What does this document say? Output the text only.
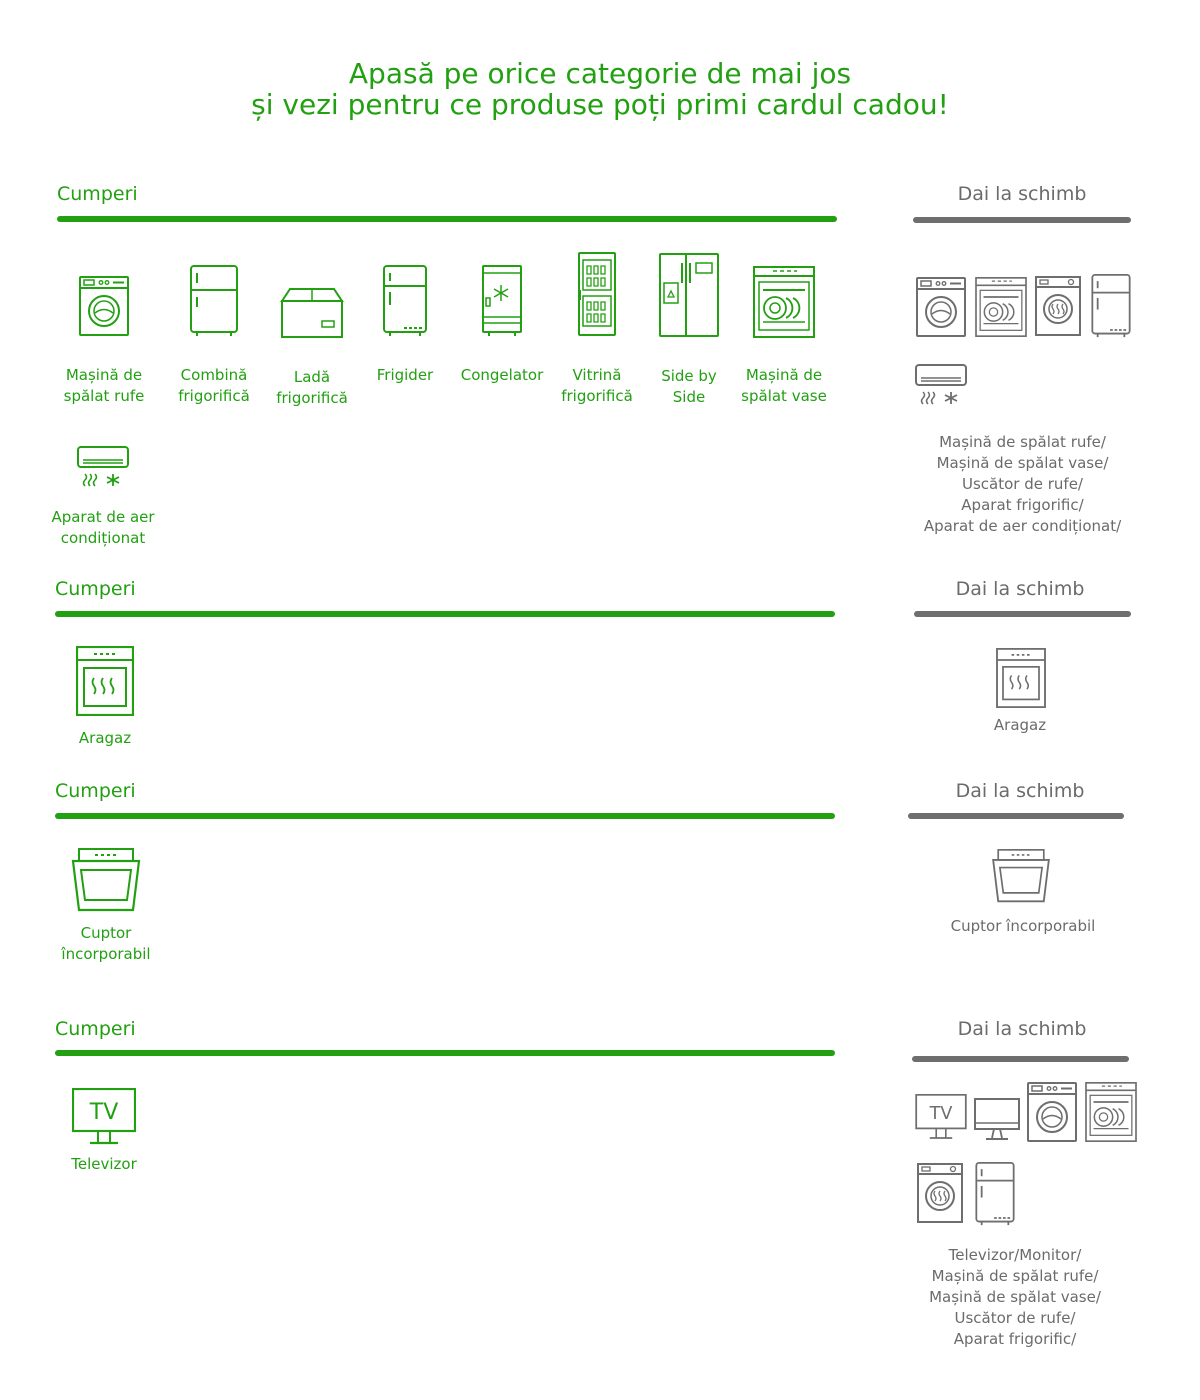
Apasă pe orice categorie de mai jos
și vezi pentru ce produse poți primi cardul cadou!
Cumperi	Dai la schimb
Mașină de
spălat rufe
Combină
frigorifică
Ladă
frigorifică
Frigider	Congelator	Vitrină
frigorifică
Side by
Side
Mașină de
spălat vase
Aparat de aer
condiționat
Mașină de spălat rufe/
Mașină de spălat vase/
Uscător de rufe/
Aparat frigorific/
Aparat de aer condiționat/
Cumperi	Dai la schimb
Aragaz
Aragaz
Cumperi	Dai la schimb
Cuptor
încorporabil
Cuptor încorporabil
Cumperi	Dai la schimb
Televizor
Televizor/Monitor/
Mașină de spălat rufe/
Mașină de spălat vase/
Uscător de rufe/
Aparat frigorific/
